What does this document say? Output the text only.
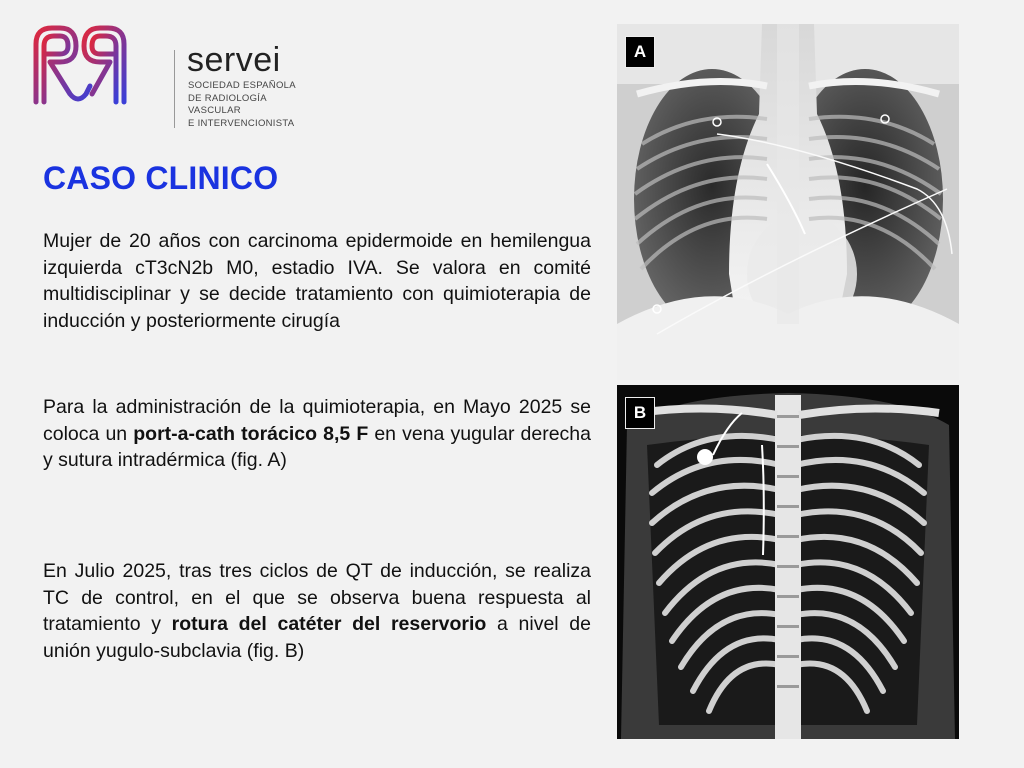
servei
SOCIEDAD ESPAÑOLA
DE RADIOLOGÍA
VASCULAR
E INTERVENCIONISTA
CASO CLINICO

Mujer de 20 años con carcinoma epidermoide en hemilengua izquierda cT3cN2b M0, estadio IVA. Se valora en comité multidisciplinar y se decide tratamiento con quimioterapia de inducción y posteriormente cirugía

Para la administración de la quimioterapia, en Mayo 2025 se coloca un port-a-cath torácico 8,5 F en vena yugular derecha y sutura intradérmica (fig. A)

En Julio 2025, tras tres ciclos de QT de inducción, se realiza TC de control, en el que se observa buena respuesta al tratamiento y rotura del catéter del reservorio a nivel de unión yugulo-subclavia (fig. B)

A
B
